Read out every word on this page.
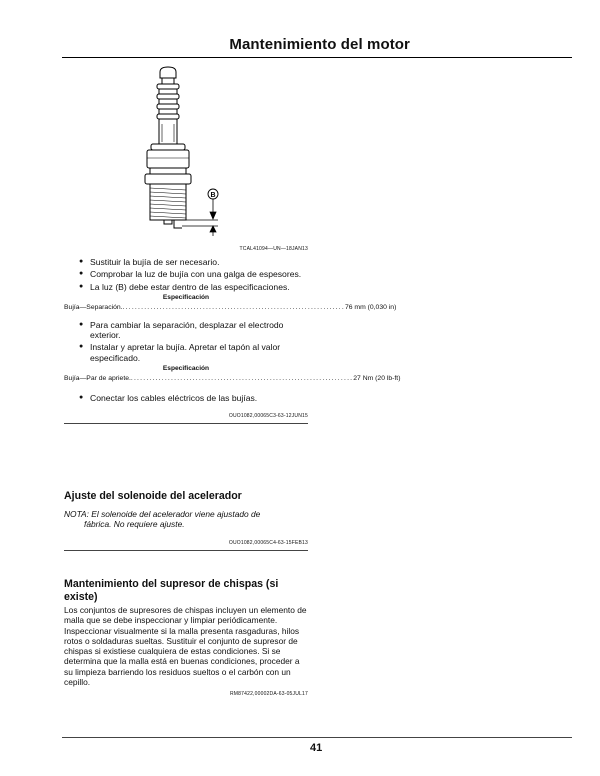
Mantenimiento del motor
B
TCAL41094—UN—18JAN13
● Sustituir la bujía de ser necesario.
● Comprobar la luz de bujía con una galga de espesores.
● La luz (B) debe estar dentro de las especificaciones.
Especificación
Bujía—Separación. ........................................................................ 76 mm (0,030 in)
● Para cambiar la separación, desplazar el electrodo exterior.
● Instalar y apretar la bujía. Apretar el tapón al valor especificado.
Especificación
Bujía—Par de apriete. ........................................................................ 27 Nm (20 lb-ft)
● Conectar los cables eléctricos de las bujías.
OUO1082,00065C3-63-12JUN15
Ajuste del solenoide del acelerador
NOTA: El solenoide del acelerador viene ajustado de
fábrica. No requiere ajuste.
OUO1082,00065C4-63-15FEB13
Mantenimiento del supresor de chispas (si existe)
Los conjuntos de supresores de chispas incluyen un elemento de malla que se debe inspeccionar y limpiar periódicamente. Inspeccionar visualmente si la malla presenta rasgaduras, hilos rotos o soldaduras sueltas. Sustituir el conjunto de supresor de chispas si existiese cualquiera de estas condiciones. Si se determina que la malla está en buenas condiciones, proceder a su limpieza barriendo los residuos sueltos o el carbón con un cepillo.
RM87422,00002DA-63-05JUL17
41
